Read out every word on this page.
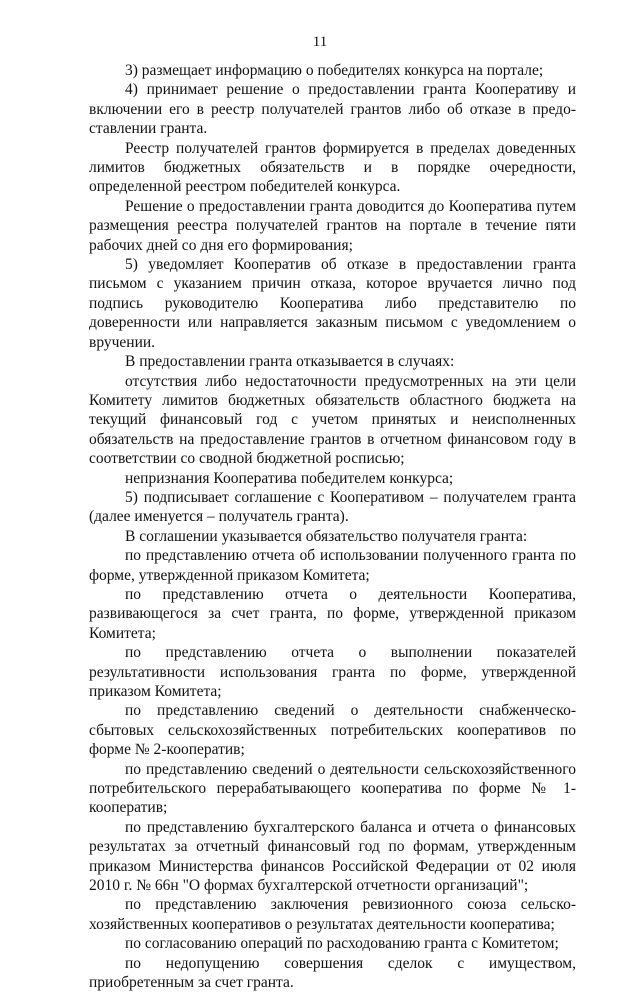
11

3) размещает информацию о победителях конкурса на портале;

4) принимает решение о предоставлении гранта Кооперативу и включении его в реестр получателей грантов либо об отказе в предоставлении гранта.

Реестр получателей грантов формируется в пределах доведенных лимитов бюджетных обязательств и в порядке очередности, определенной реестром победителей конкурса.

Решение о предоставлении гранта доводится до Кооператива путем размещения реестра получателей грантов на портале в течение пяти рабочих дней со дня его формирования;

5) уведомляет Кооператив об отказе в предоставлении гранта письмом с указанием причин отказа, которое вручается лично под подпись руководителю Кооператива либо представителю по доверенности или направляется заказным письмом с уведомлением о вручении.

В предоставлении гранта отказывается в случаях:

отсутствия либо недостаточности предусмотренных на эти цели Комитету лимитов бюджетных обязательств областного бюджета на текущий финансовый год с учетом принятых и неисполненных обязательств на предоставление грантов в отчетном финансовом году в соответствии со сводной бюджетной росписью;

непризнания Кооператива победителем конкурса;

5) подписывает соглашение с Кооперативом – получателем гранта (далее именуется – получатель гранта).

В соглашении указывается обязательство получателя гранта:

по представлению отчета об использовании полученного гранта по форме, утвержденной приказом Комитета;

по представлению отчета о деятельности Кооператива, развивающегося за счет гранта, по форме, утвержденной приказом Комитета;

по представлению отчета о выполнении показателей результативности использования гранта по форме, утвержденной приказом Комитета;

по представлению сведений о деятельности снабженческо-сбытовых сельскохозяйственных потребительских кооперативов по форме № 2-кооператив;

по представлению сведений о деятельности сельскохозяйственного потребительского перерабатывающего кооператива по форме № 1-кооператив;

по представлению бухгалтерского баланса и отчета о финансовых результатах за отчетный финансовый год по формам, утвержденным приказом Министерства финансов Российской Федерации от 02 июля 2010 г. № 66н "О формах бухгалтерской отчетности организаций";

по представлению заключения ревизионного союза сельскохозяйственных кооперативов о результатах деятельности кооператива;

по согласованию операций по расходованию гранта с Комитетом;

по недопущению совершения сделок с имуществом, приобретенным за счет гранта.
